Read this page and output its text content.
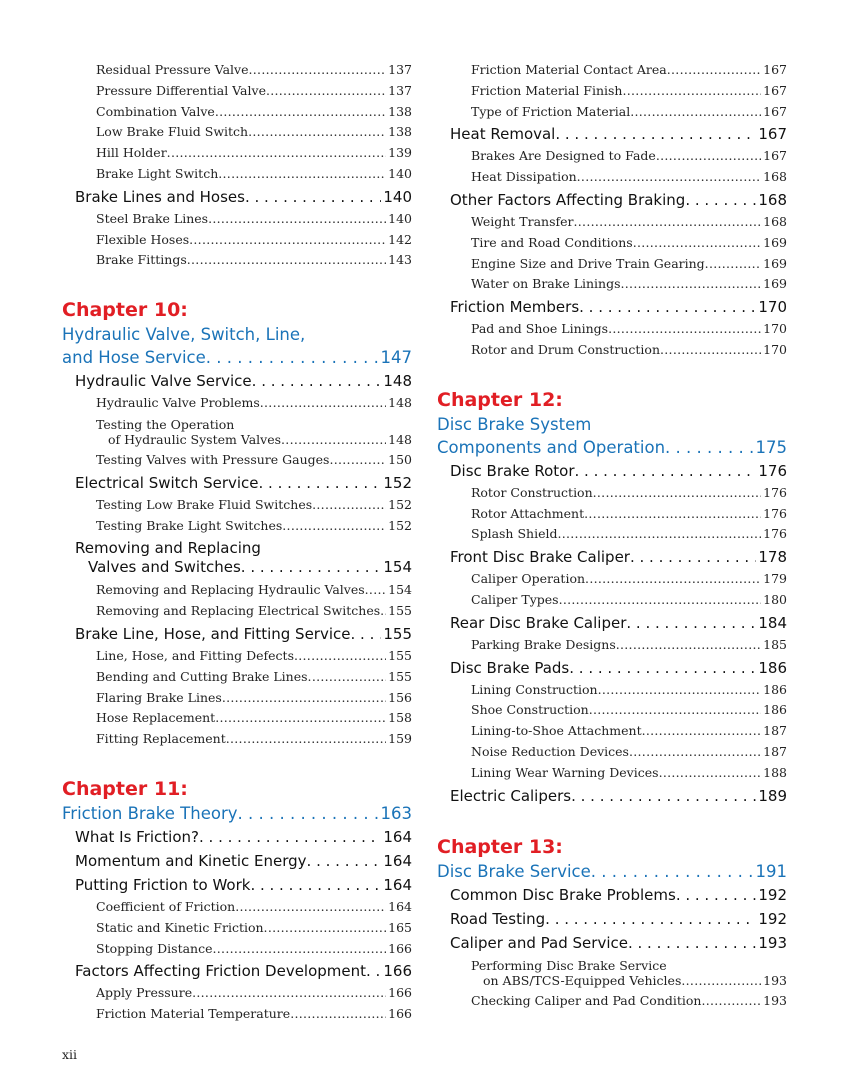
Residual Pressure Valve .....	137
Pressure Differential Valve .....	137
Combination Valve .....	138
Low Brake Fluid Switch .....	138
Hill Holder .....	139
Brake Light Switch .....	140
Brake Lines and Hoses . . .	140
Steel Brake Lines .....	140
Flexible Hoses .....	142
Brake Fittings .....	143
Chapter 10:
Hydraulic Valve, Switch, Line,
and Hose Service . . .	147
Hydraulic Valve Service . . .	148
Hydraulic Valve Problems .....	148
Testing the Operation
of Hydraulic System Valves .....	148
Testing Valves with Pressure Gauges .....	150
Electrical Switch Service . . .	152
Testing Low Brake Fluid Switches .....	152
Testing Brake Light Switches .....	152
Removing and Replacing
Valves and Switches . . .	154
Removing and Replacing Hydraulic Valves ..... 154
Removing and Replacing Electrical Switches ..... 155
Brake Line, Hose, and Fitting Service . . . 155
Line, Hose, and Fitting Defects .....	155
Bending and Cutting Brake Lines .....	155
Flaring Brake Lines .....	156
Hose Replacement .....	158
Fitting Replacement .....	159
Chapter 11:
Friction Brake Theory . . .	163
What Is Friction? . . .	164
Momentum and Kinetic Energy . . .	164
Putting Friction to Work . . .	164
Coefficient of Friction .....	164
Static and Kinetic Friction .....	165
Stopping Distance .....	166
Factors Affecting Friction Development . . . 166
Apply Pressure .....	166
Friction Material Temperature .....	166
Friction Material Contact Area .....	167
Friction Material Finish .....	167
Type of Friction Material .....	167
Heat Removal . . .	167
Brakes Are Designed to Fade .....	167
Heat Dissipation .....	168
Other Factors Affecting Braking . . .	168
Weight Transfer .....	168
Tire and Road Conditions .....	169
Engine Size and Drive Train Gearing .....	169
Water on Brake Linings .....	169
Friction Members . . .	170
Pad and Shoe Linings .....	170
Rotor and Drum Construction .....	170
Chapter 12:
Disc Brake System
Components and Operation . . .	175
Disc Brake Rotor . . .	176
Rotor Construction .....	176
Rotor Attachment .....	176
Splash Shield .....	176
Front Disc Brake Caliper . . .	178
Caliper Operation .....	179
Caliper Types .....	180
Rear Disc Brake Caliper . . .	184
Parking Brake Designs .....	185
Disc Brake Pads . . .	186
Lining Construction .....	186
Shoe Construction .....	186
Lining-to-Shoe Attachment .....	187
Noise Reduction Devices .....	187
Lining Wear Warning Devices .....	188
Electric Calipers . . .	189
Chapter 13:
Disc Brake Service . . .	191
Common Disc Brake Problems . . .	192
Road Testing . . .	192
Caliper and Pad Service . . .	193
Performing Disc Brake Service
on ABS/TCS-Equipped Vehicles .....	193
Checking Caliper and Pad Condition .....	193
xii
